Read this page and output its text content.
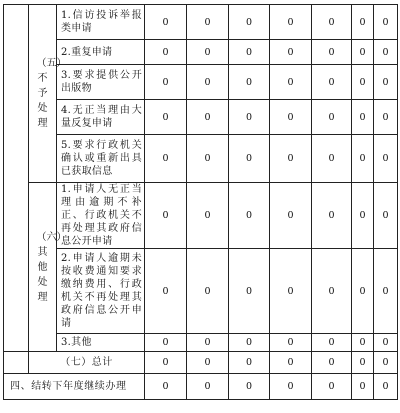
	（五）不予处理	1.信访投诉举报类申请	0	0	0	0	0	0	0
		2.重复申请	0	0	0	0	0	0	0
		3.要求提供公开出版物	0	0	0	0	0	0	0
		4.无正当理由大量反复申请	0	0	0	0	0	0	0
		5.要求行政机关确认或重新出具已获取信息	0	0	0	0	0	0	0
	（六）其他处理	1.申请人无正当理由逾期不补正、行政机关不再处理其政府信息公开申请	0	0	0	0	0	0	0
		2.申请人逾期未按收费通知要求缴纳费用、行政机关不再处理其政府信息公开申请	0	0	0	0	0	0	0
		3.其他	0	0	0	0	0	0	0
	（七）总计		0	0	0	0	0	0	0
四、结转下年度继续办理			0	0	0	0	0	0	0
